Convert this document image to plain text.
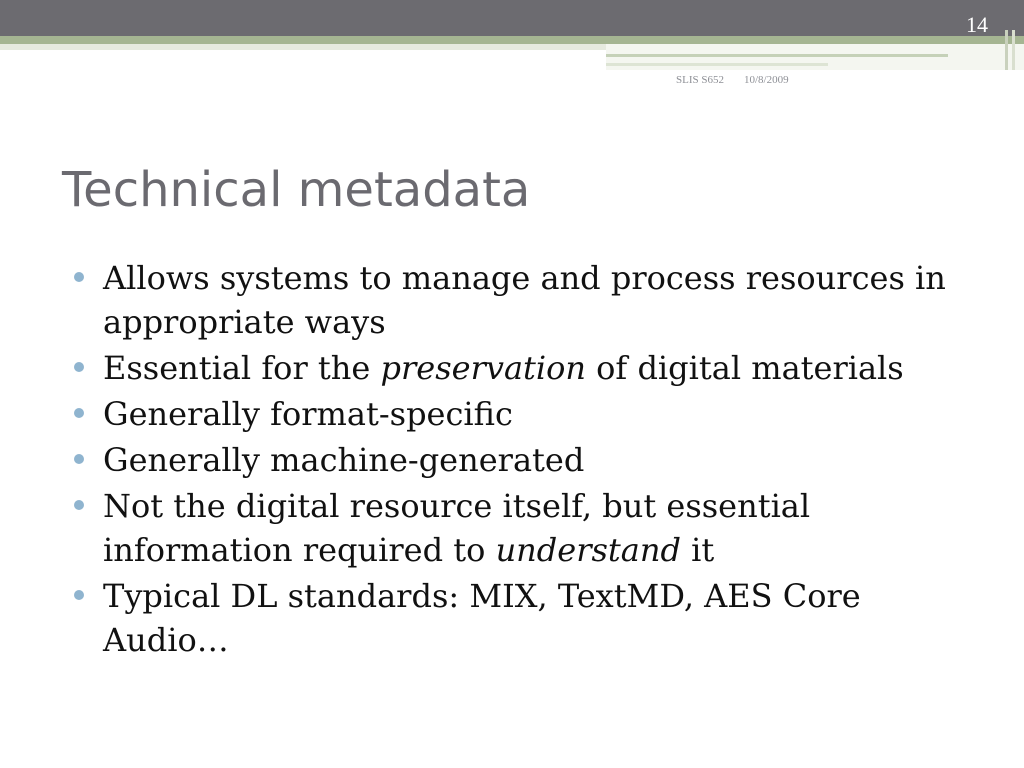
14
SLIS S652 10/8/2009
Technical metadata
Allows systems to manage and process resources in appropriate ways
Essential for the preservation of digital materials
Generally format-specific
Generally machine-generated
Not the digital resource itself, but essential information required to understand it
Typical DL standards: MIX, TextMD, AES Core Audio…
